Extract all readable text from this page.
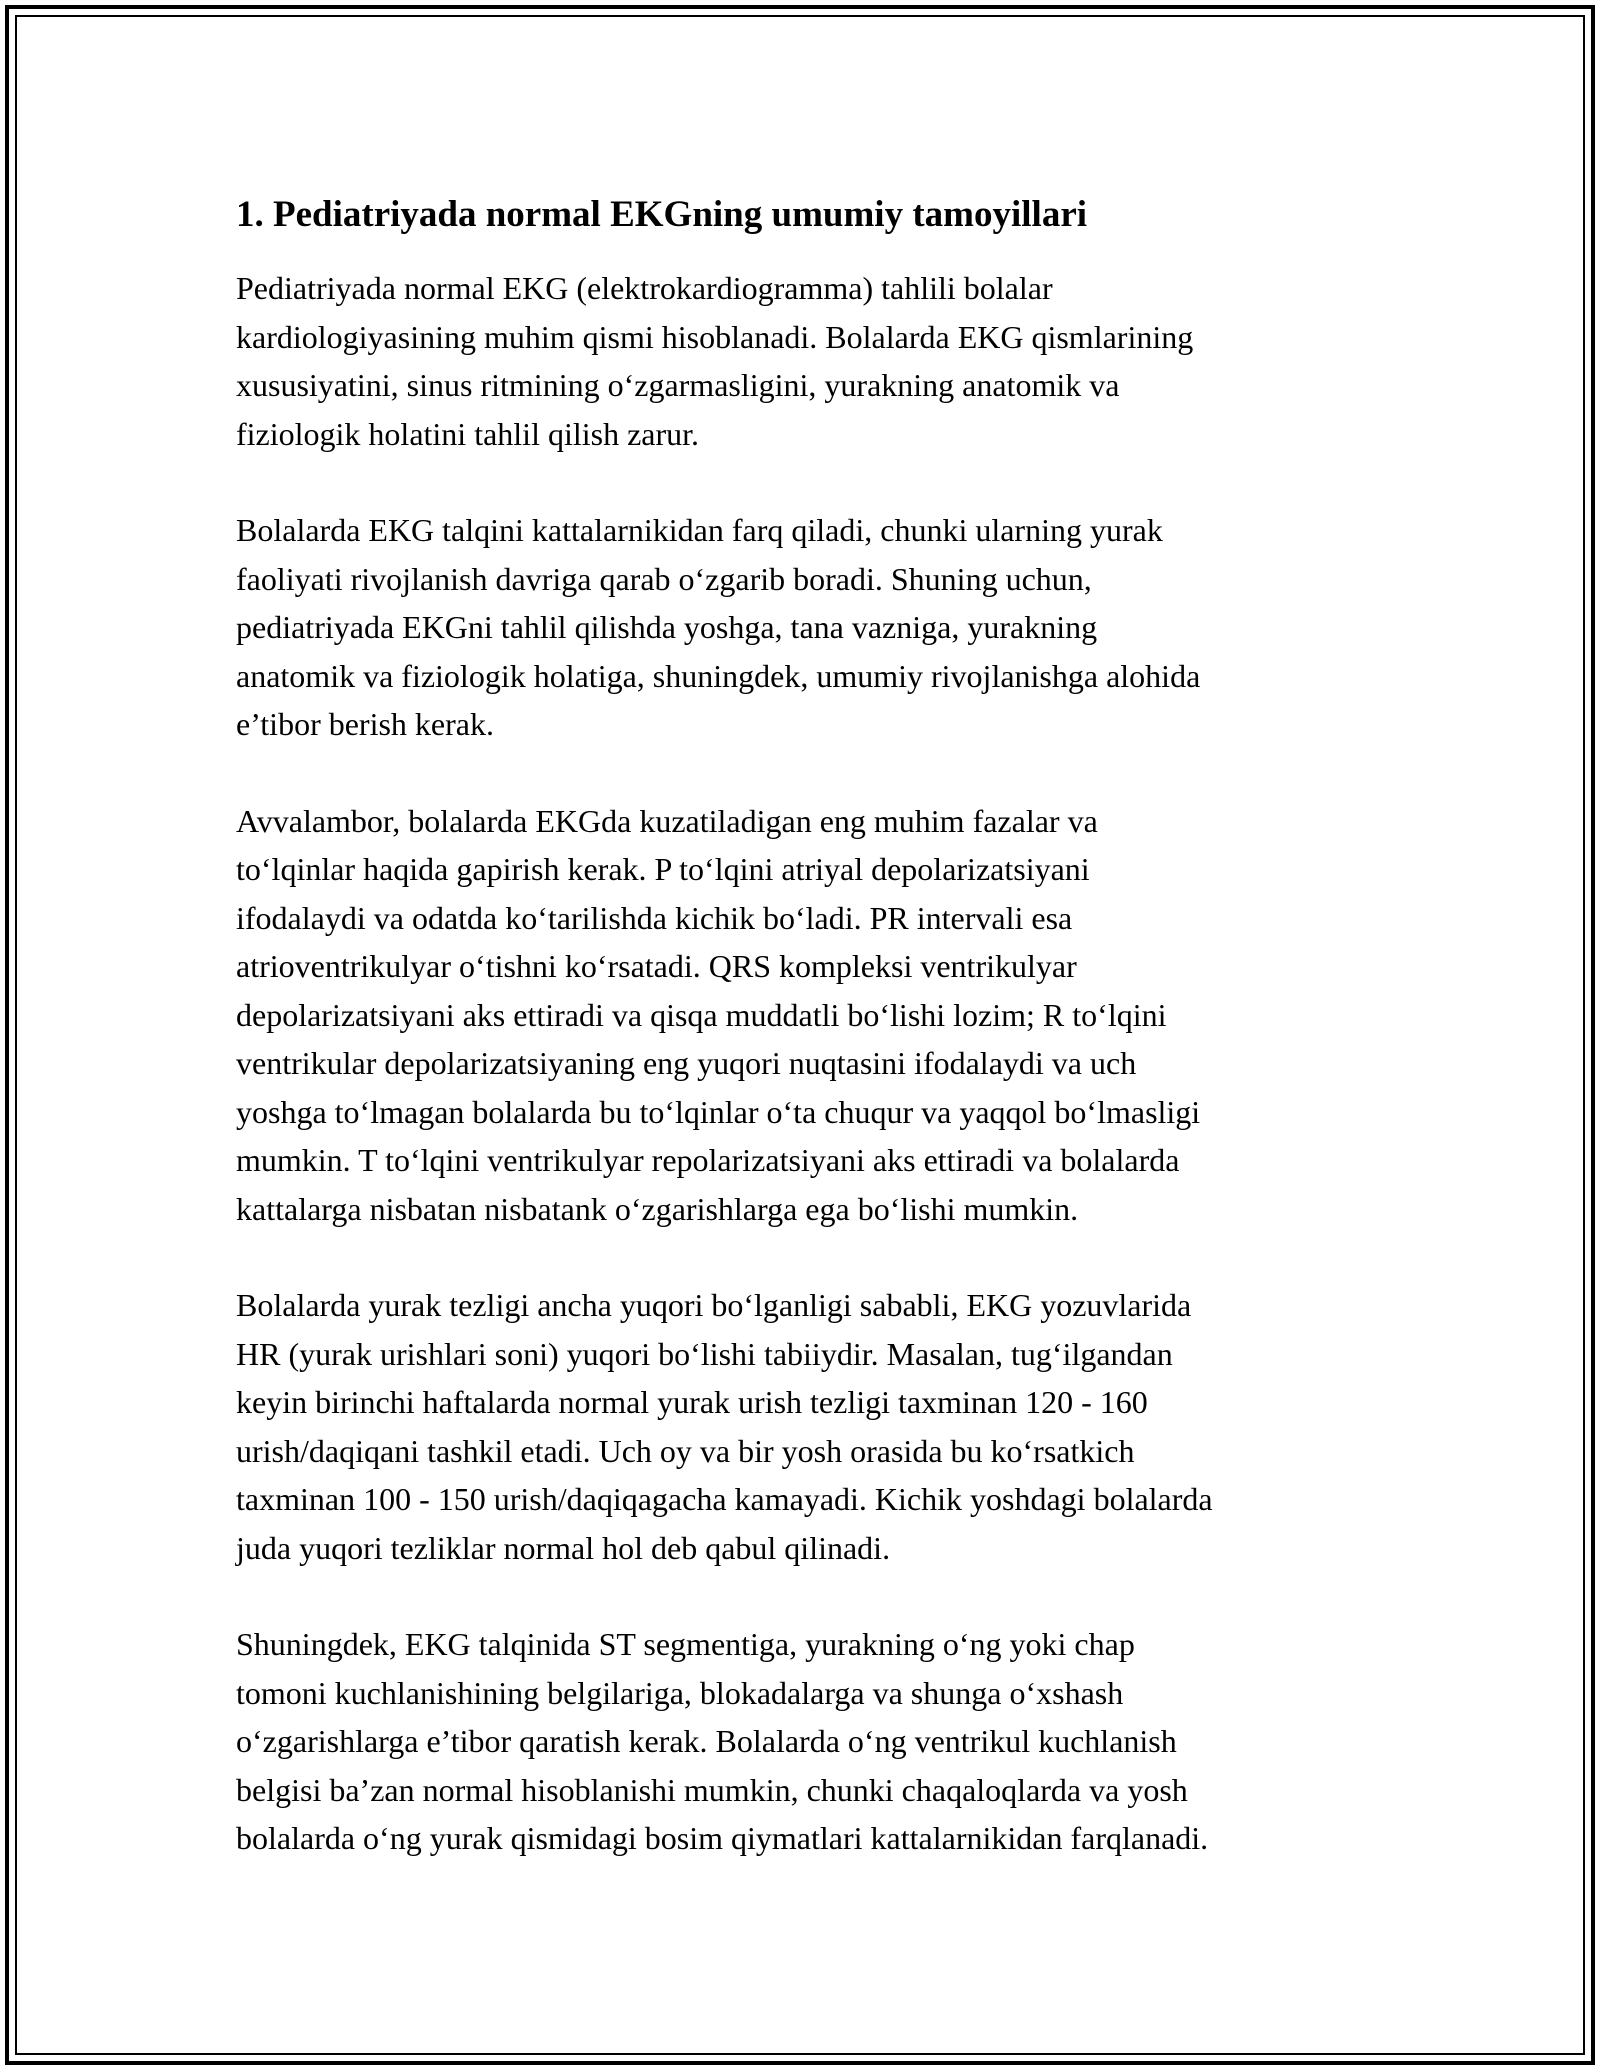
1. Pediatriyada normal EKGning umumiy tamoyillari

Pediatriyada normal EKG (elektrokardiogramma) tahlili bolalar
kardiologiyasining muhim qismi hisoblanadi. Bolalarda EKG qismlarining
xususiyatini, sinus ritmining o‘zgarmasligini, yurakning anatomik va
fiziologik holatini tahlil qilish zarur.

Bolalarda EKG talqini kattalarnikidan farq qiladi, chunki ularning yurak
faoliyati rivojlanish davriga qarab o‘zgarib boradi. Shuning uchun,
pediatriyada EKGni tahlil qilishda yoshga, tana vazniga, yurakning
anatomik va fiziologik holatiga, shuningdek, umumiy rivojlanishga alohida
e’tibor berish kerak.

Avvalambor, bolalarda EKGda kuzatiladigan eng muhim fazalar va
to‘lqinlar haqida gapirish kerak. P to‘lqini atriyal depolarizatsiyani
ifodalaydi va odatda ko‘tarilishda kichik bo‘ladi. PR intervali esa
atrioventrikulyar o‘tishni ko‘rsatadi. QRS kompleksi ventrikulyar
depolarizatsiyani aks ettiradi va qisqa muddatli bo‘lishi lozim; R to‘lqini
ventrikular depolarizatsiyaning eng yuqori nuqtasini ifodalaydi va uch
yoshga to‘lmagan bolalarda bu to‘lqinlar o‘ta chuqur va yaqqol bo‘lmasligi
mumkin. T to‘lqini ventrikulyar repolarizatsiyani aks ettiradi va bolalarda
kattalarga nisbatan nisbatank o‘zgarishlarga ega bo‘lishi mumkin.

Bolalarda yurak tezligi ancha yuqori bo‘lganligi sababli, EKG yozuvlarida
HR (yurak urishlari soni) yuqori bo‘lishi tabiiydir. Masalan, tug‘ilgandan
keyin birinchi haftalarda normal yurak urish tezligi taxminan 120 - 160
urish/daqiqani tashkil etadi. Uch oy va bir yosh orasida bu ko‘rsatkich
taxminan 100 - 150 urish/daqiqagacha kamayadi. Kichik yoshdagi bolalarda
juda yuqori tezliklar normal hol deb qabul qilinadi.

Shuningdek, EKG talqinida ST segmentiga, yurakning o‘ng yoki chap
tomoni kuchlanishining belgilariga, blokadalarga va shunga o‘xshash
o‘zgarishlarga e’tibor qaratish kerak. Bolalarda o‘ng ventrikul kuchlanish
belgisi ba’zan normal hisoblanishi mumkin, chunki chaqaloqlarda va yosh
bolalarda o‘ng yurak qismidagi bosim qiymatlari kattalarnikidan farqlanadi.
